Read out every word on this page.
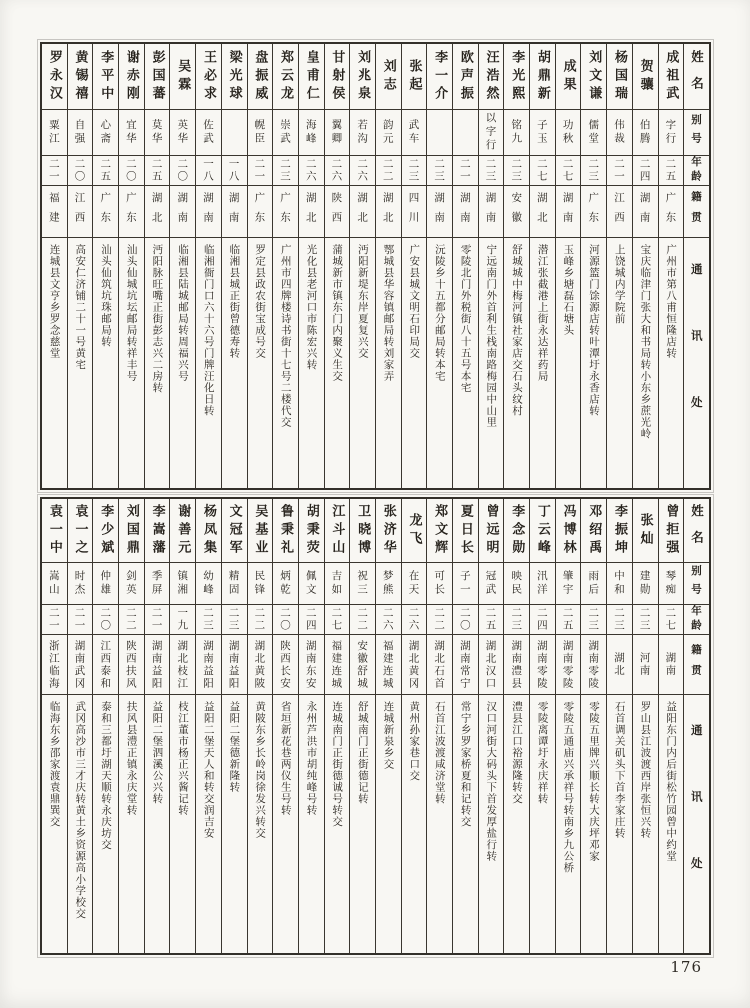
罗永汉
粟江
二一
福建
连城县文亨乡罗念慈堂
黄锡禧
自强
二〇
江西
高安仁济铺二十一号黄宅
李平中
心斋
二五
广东
汕头仙筑坑珠邮局转
谢赤刚
宜华
二〇
广东
汕头仙城坑坛邮局转祥丰号
彭国蕃
莫华
二五
湖北
沔阳脉旺嘴正街彭志兴二房转
吴霖
英华
二〇
湖南
临湘县陆城邮局转周福兴号
王必求
佐武
一八
湖南
临湘衙门口六十六号门牌汪化日转
梁光球
一八
湖南
临湘县城正街曾德寿转
盘振威
幌臣
二一
广东
罗定县政农街宝成号交
郑云龙
崇武
二三
广东
广州市四牌楼诗书街十七号二楼代交
皇甫仁
海峰
二六
湖北
光化县老河口市陈宏兴转
甘射侯
翼卿
二六
陕西
蒲城新市镇东门内聚义生交
刘兆泉
若沟
二六
湖北
沔阳新堤东岸夏复兴交
刘志
韵元
二二
湖北
鄂城县华容镇邮局转刘家弄
张起
武车
二三
四川
广安县城文明石印局交
李一介
二三
湖南
沅陵乡十五都分邮局转本宅
欧声振
二一
湖南
零陵北门外税街八十五号本宅
汪浩然
以字行
二三
湖南
宁远南门外首利生栈南路梅园中山里
李光熙
铭九
二三
安徽
舒城城中梅河镇社家店交石头纹村
胡鼎新
子玉
二七
湖北
潜江张截港上街永达祥药局
成果
功秋
二七
湖南
玉峰乡塘磊石塘头
刘文谦
儒堂
二三
广东
河源篮门馀源店转叶潭圩永香店转
杨国瑞
伟裁
二一
江西
上饶城内学院前
贺骧
伯腾
二四
湖南
宝庆临津门张大和书局转小东乡蔗光岭
成祖武
字行
二五
广东
广州市第八甫恒隆店转
姓名
别号
年龄
籍贯
通讯处
袁一中
嵩山
二一
浙江临海
临海东乡邵家渡袁鼎巽交
袁一之
时杰
二一
湖南武冈
武冈高沙市三才庆转黄土乡资源高小学校交
李少斌
仲雄
二〇
江西泰和
泰和三都圩湖天顺转永庆坊交
刘国鼎
剑英
二二
陕西扶风
扶风县澧正镇永庆堂转
李嵩藩
季屏
二一
湖南益阳
益阳二堡泗溪公兴转
谢善元
镇湘
一九
湖北枝江
枝江董市杨正兴酱记转
杨凤集
幼峰
二三
湖南益阳
益阳二堡天人和转交润吉安
文冠军
精固
二三
湖南益阳
益阳二堡德新隆转
吴基业
民锋
二二
湖北黄陂
黄陂东乡长岭岗徐发兴转交
鲁秉礼
炳乾
二〇
陕西长安
省垣新花巷两仪生号转
胡秉荧
佩文
二四
湖南东安
永州芦洪市胡纯峰号转
江斗山
吉如
二七
福建连城
连城南门正街德诚号转交
卫晓博
祝三
二二
安徽舒城
舒城南门正街德记转
张济华
梦熊
二六
福建连城
连城新泉乡交
龙飞
在天
二六
湖北黄冈
黄州孙家巷口交
郑文辉
可长
二二
湖北石首
石首江波渡咸济堂转
夏日长
子一
二〇
湖南常宁
常宁乡罗家桥夏和记转交
曾远明
冠武
二五
湖北汉口
汉口河街大码头下首发厚盐行转
李念勋
映民
二三
湖南澧县
澧县江口裕源隆转交
丁云峰
汛洋
二四
湖南零陵
零陵离谭圩永庆祥转
冯博林
肇宇
二五
湖南零陵
零陵五通庙兴承祥号转南乡九公桥
邓绍禹
雨后
二三
湖南零陵
零陵五里牌兴顺长转大庆坪邓家
李振坤
中和
二三
湖北
石首调关矶头下首李家庄转
张灿
建勋
二三
河南
罗山县江波渡西岸张恒兴转
曾拒强
琴痴
二七
湖南
益阳东门内后街松竹园曾中约堂
姓名
别号
年龄
籍贯
通讯处
176
